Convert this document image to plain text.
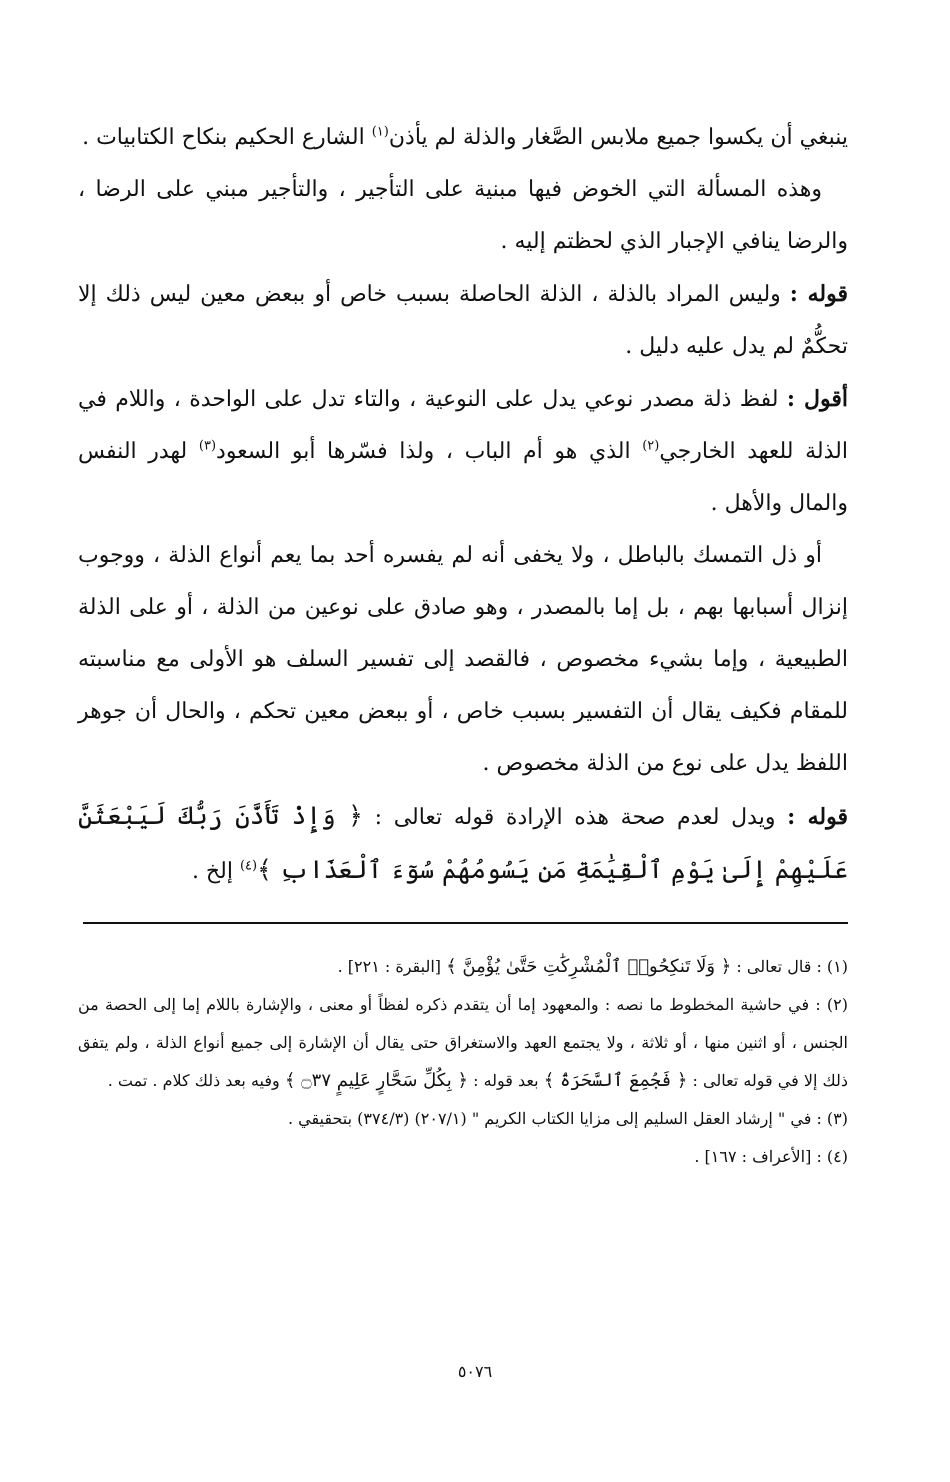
ينبغي أن يكسوا جميع ملابس الصَّغار والذلة لم يأذن$^{(١)}$ الشارع الحكيم بنكاح الكتابيات .

وهذه المسألة التي الخوض فيها مبنية على التأجير ، والتأجير مبني على الرضا ، والرضا ينافي الإجبار الذي لحظتم إليه .

قوله : وليس المراد بالذلة ، الذلة الحاصلة بسبب خاص أو ببعض معين ليس ذلك إلا تحكُّمٌ لم يدل عليه دليل .

أقول : لفظ ذلة مصدر نوعي يدل على النوعية ، والتاء تدل على الواحدة ، واللام في الذلة للعهد الخارجي$^{(٢)}$ الذي هو أم الباب ، ولذا فسّرها أبو السعود$^{(٣)}$ لهدر النفس والمال والأهل .

أو ذل التمسك بالباطل ، ولا يخفى أنه لم يفسره أحد بما يعم أنواع الذلة ، ووجوب إنزال أسبابها بهم ، بل إما بالمصدر ، وهو صادق على نوعين من الذلة ، أو على الذلة الطبيعية ، وإما بشيء مخصوص ، فالقصد إلى تفسير السلف هو الأولى مع مناسبته للمقام فكيف يقال أن التفسير بسبب خاص ، أو ببعض معين تحكم ، والحال أن جوهر اللفظ يدل على نوع من الذلة مخصوص .

قوله : ويدل لعدم صحة هذه الإرادة قوله تعالى : ﴿ وَإِذْ تَأَذَّنَ رَبُّكَ لَيَبْعَثَنَّ عَلَيْهِمْ إِلَىٰ يَوْمِ ٱلْقِيَٰمَةِ مَن يَسُومُهُمْ سُوٓءَ ٱلْعَذَابِ ﴾$^{(٤)}$ إلخ .

(١) : قال تعالى : ﴿ وَلَا تَنكِحُوا۟ ٱلْمُشْرِكَٰتِ حَتَّىٰ يُؤْمِنَّ ﴾ [البقرة : ٢٢١] .

(٢) : في حاشية المخطوط ما نصه : والمعهود إما أن يتقدم ذكره لفظاً أو معنى ، والإشارة باللام إما إلى الحصة من الجنس ، أو اثنين منها ، أو ثلاثة ، ولا يجتمع العهد والاستغراق حتى يقال أن الإشارة إلى جميع أنواع الذلة ، ولم يتفق ذلك إلا في قوله تعالى : ﴿ فَجُمِعَ ٱلسَّحَرَةُ ﴾ بعد قوله : ﴿ بِكُلِّ سَحَّارٍ عَلِيمٍ ۝٣٧ ﴾ وفيه بعد ذلك كلام . تمت .

(٣) : في " إرشاد العقل السليم إلى مزايا الكتاب الكريم " (٢٠٧/١) (٣٧٤/٣) بتحقيقي .

(٤) : [الأعراف : ١٦٧] .

٥٠٧٦
